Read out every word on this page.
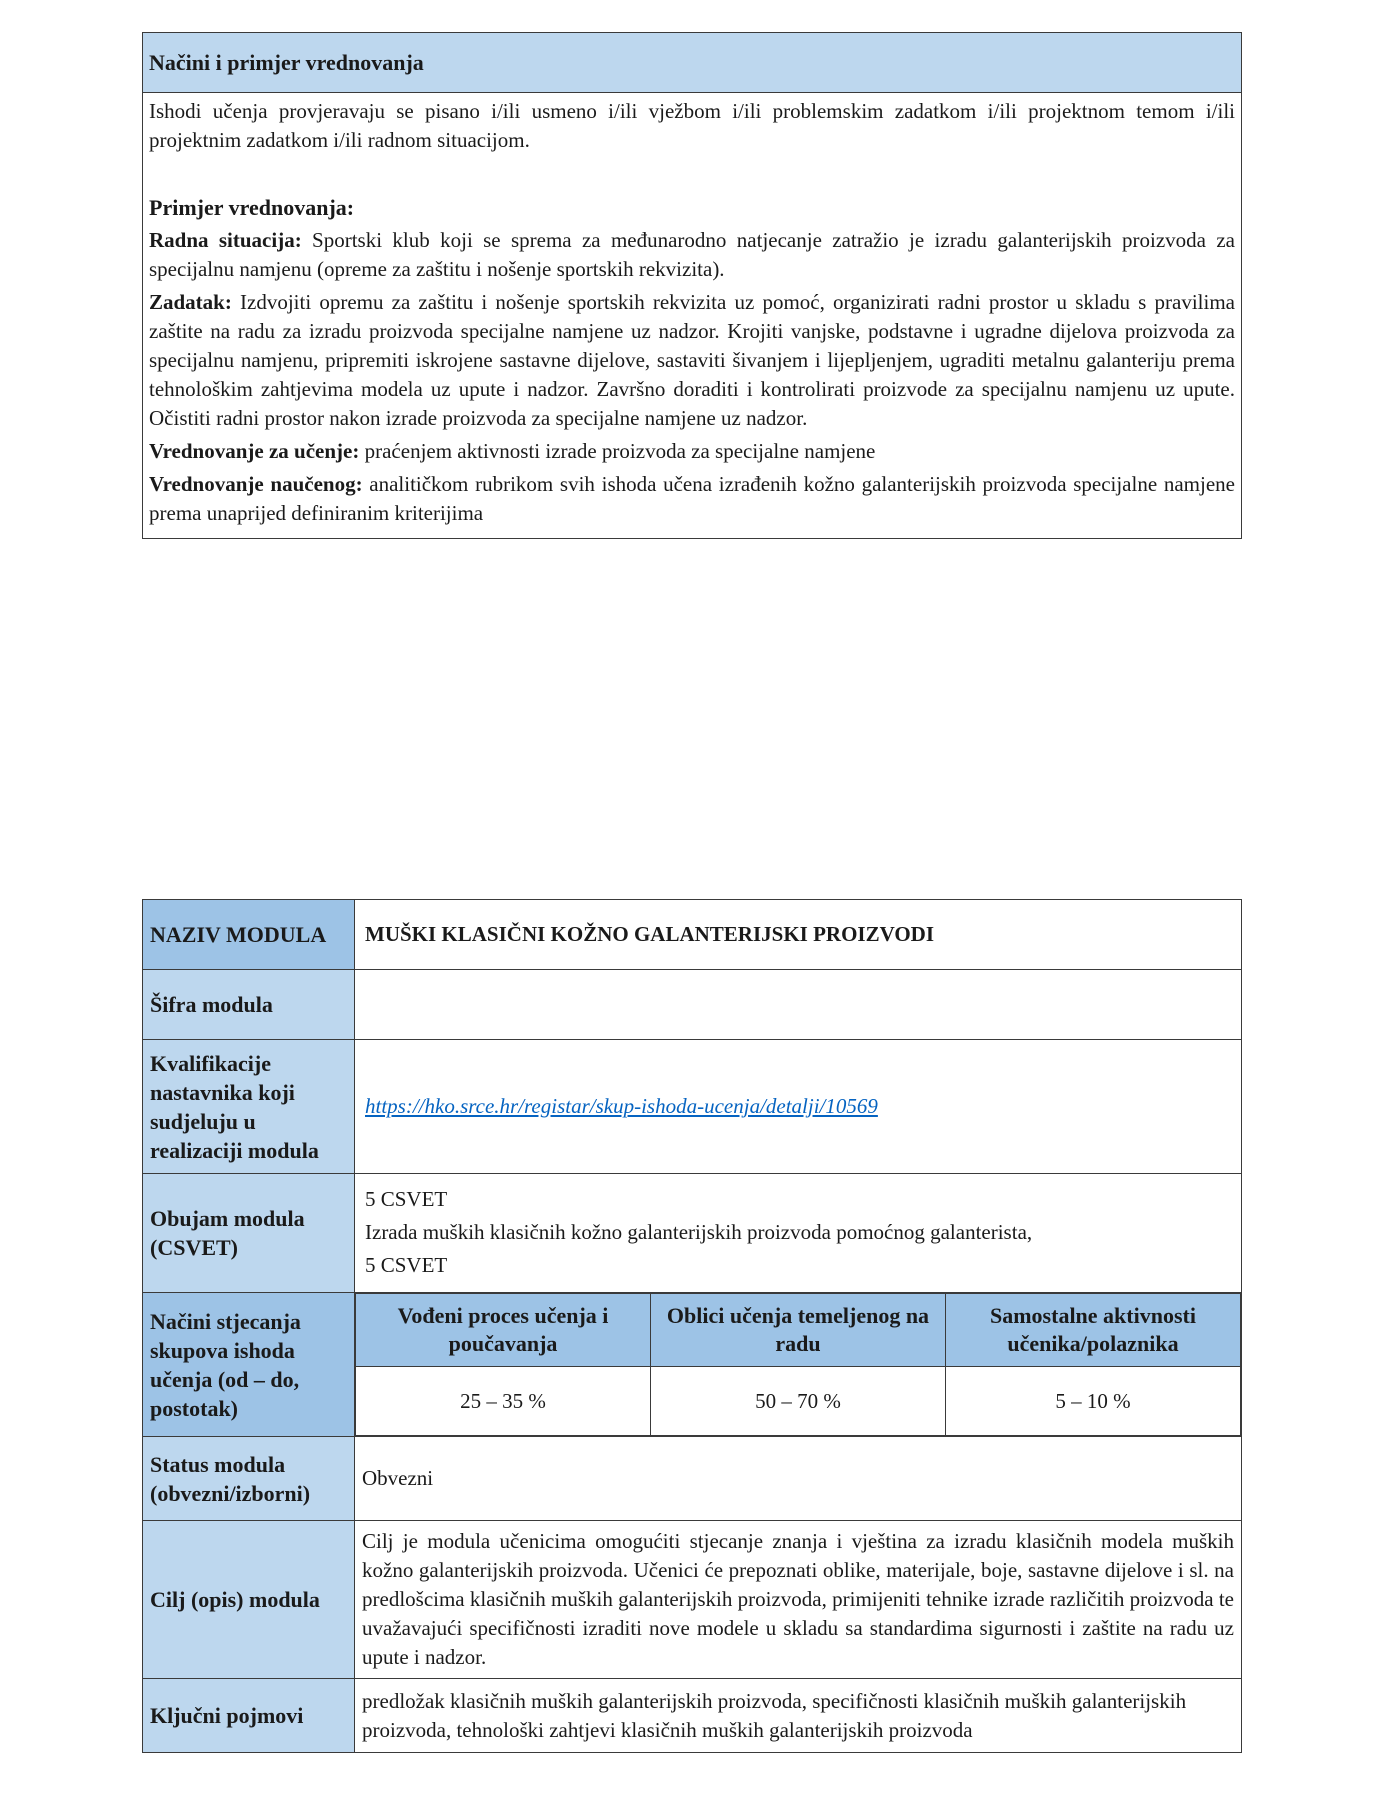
Načini i primjer vrednovanja

Ishodi učenja provjeravaju se pisano i/ili usmeno i/ili vježbom i/ili problemskim zadatkom i/ili projektnom temom i/ili projektnim zadatkom i/ili radnom situacijom.

Primjer vrednovanja:

Radna situacija: Sportski klub koji se sprema za međunarodno natjecanje zatražio je izradu galanterijskih proizvoda za specijalnu namjenu (opreme za zaštitu i nošenje sportskih rekvizita).

Zadatak: Izdvojiti opremu za zaštitu i nošenje sportskih rekvizita uz pomoć, organizirati radni prostor u skladu s pravilima zaštite na radu za izradu proizvoda specijalne namjene uz nadzor. Krojiti vanjske, podstavne i ugradne dijelova proizvoda za specijalnu namjenu, pripremiti iskrojene sastavne dijelove, sastaviti šivanjem i lijepljenjem, ugraditi metalnu galanteriju prema tehnološkim zahtjevima modela uz upute i nadzor. Završno doraditi i kontrolirati proizvode za specijalnu namjenu uz upute. Očistiti radni prostor nakon izrade proizvoda za specijalne namjene uz nadzor.

Vrednovanje za učenje: praćenjem aktivnosti izrade proizvoda za specijalne namjene

Vrednovanje naučenog: analitičkom rubrikom svih ishoda učena izrađenih kožno galanterijskih proizvoda specijalne namjene prema unaprijed definiranim kriterijima

NAZIV MODULA	MUŠKI KLASIČNI KOŽNO GALANTERIJSKI PROIZVODI
Šifra modula	
Kvalifikacije nastavnika koji sudjeluju u realizaciji modula	https://hko.srce.hr/registar/skup-ishoda-ucenja/detalji/10569
Obujam modula (CSVET)	

5 CSVET

Izrada muških klasičnih kožno galanterijskih proizvoda pomoćnog galanterista, 5 CSVET

Načini stjecanja skupova ishoda učenja (od – do, postotak)	
Vođeni proces učenja i poučavanja	Oblici učenja temeljenog na radu	Samostalne aktivnosti učenika/polaznika
25 – 35 %	50 – 70 %	5 – 10 %

Status modula (obvezni/izborni)	Obvezni
Cilj (opis) modula	Cilj je modula učenicima omogućiti stjecanje znanja i vještina za izradu klasičnih modela muških kožno galanterijskih proizvoda. Učenici će prepoznati oblike, materijale, boje, sastavne dijelove i sl. na predlošcima klasičnih muških galanterijskih proizvoda, primijeniti tehnike izrade različitih proizvoda te uvažavajući specifičnosti izraditi nove modele u skladu sa standardima sigurnosti i zaštite na radu uz upute i nadzor.
Ključni pojmovi	predložak klasičnih muških galanterijskih proizvoda, specifičnosti klasičnih muških galanterijskih proizvoda, tehnološki zahtjevi klasičnih muških galanterijskih proizvoda
